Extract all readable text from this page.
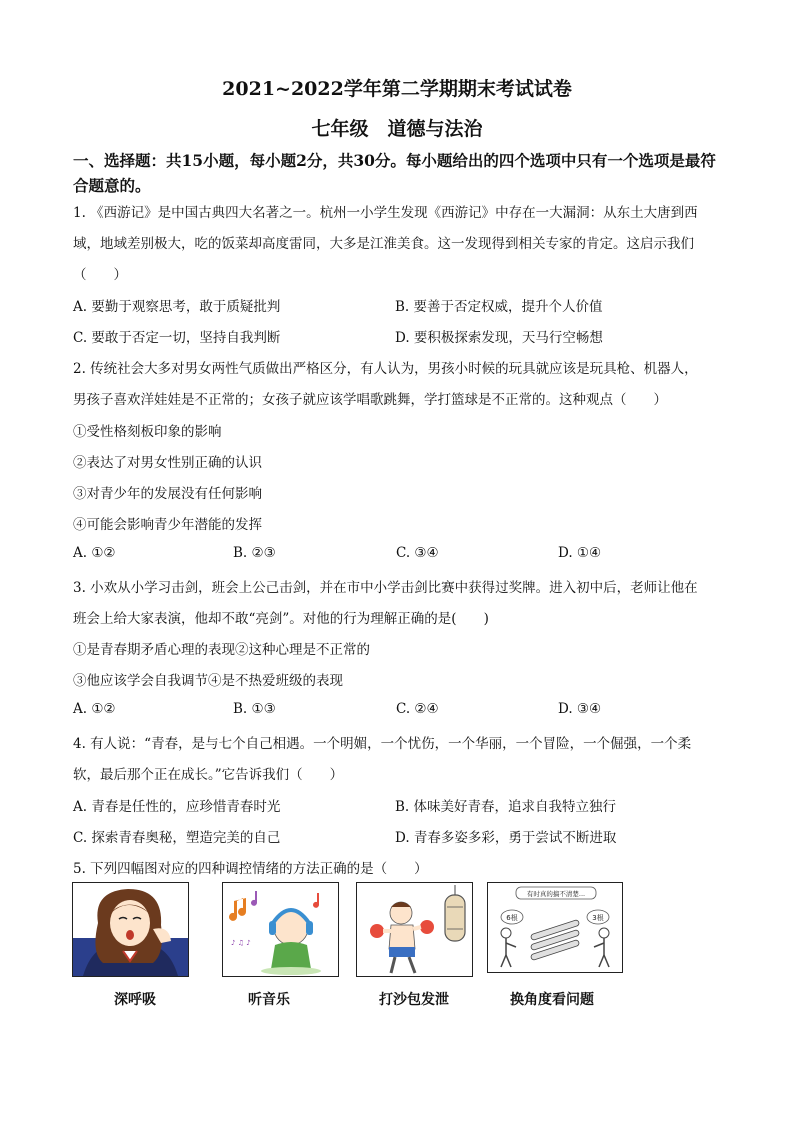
2021~2022学年第二学期期末考试试卷
七年级　道德与法治
一、选择题：共15小题，每小题2分，共30分。每小题给出的四个选项中只有一个选项是最符合题意的。
1. 《西游记》是中国古典四大名著之一。杭州一小学生发现《西游记》中存在一大漏洞：从东土大唐到西
域，地域差别极大，吃的饭菜却高度雷同，大多是江淮美食。这一发现得到相关专家的肯定。这启示我们
（　　）
A. 要勤于观察思考，敢于质疑批判	B. 要善于否定权威，提升个人价值
C. 要敢于否定一切，坚持自我判断	D. 要积极探索发现，天马行空畅想
2. 传统社会大多对男女两性气质做出严格区分，有人认为，男孩小时候的玩具就应该是玩具枪、机器人，
男孩子喜欢洋娃娃是不正常的；女孩子就应该学唱歌跳舞，学打篮球是不正常的。这种观点（　　）
①受性格刻板印象的影响
②表达了对男女性别正确的认识
③对青少年的发展没有任何影响
④可能会影响青少年潜能的发挥
A. ①②	B. ②③	C. ③④	D. ①④
3. 小欢从小学习击剑，班会上公己击剑，并在市中小学击剑比赛中获得过奖牌。进入初中后，老师让他在
班会上给大家表演，他却不敢“亮剑”。对他的行为理解正确的是(　　)
①是青春期矛盾心理的表现②这种心理是不正常的
③他应该学会自我调节④是不热爱班级的表现
A. ①②	B. ①③	C. ②④	D. ③④
4. 有人说：“青春，是与七个自己相遇。一个明媚，一个忧伤，一个华丽，一个冒险，一个倔强，一个柔
软，最后那个正在成长。”它告诉我们（　　）
A. 青春是任性的，应珍惜青春时光	B. 体味美好青春，追求自我特立独行
C. 探索青春奥秘，塑造完美的自己	D. 青春多姿多彩，勇于尝试不断进取
5. 下列四幅图对应的四种调控情绪的方法正确的是（　　）
♪ ♫ ♪
有时真的搞不清楚...
6根	3根
深呼吸	听音乐	打沙包发泄	换角度看问题
